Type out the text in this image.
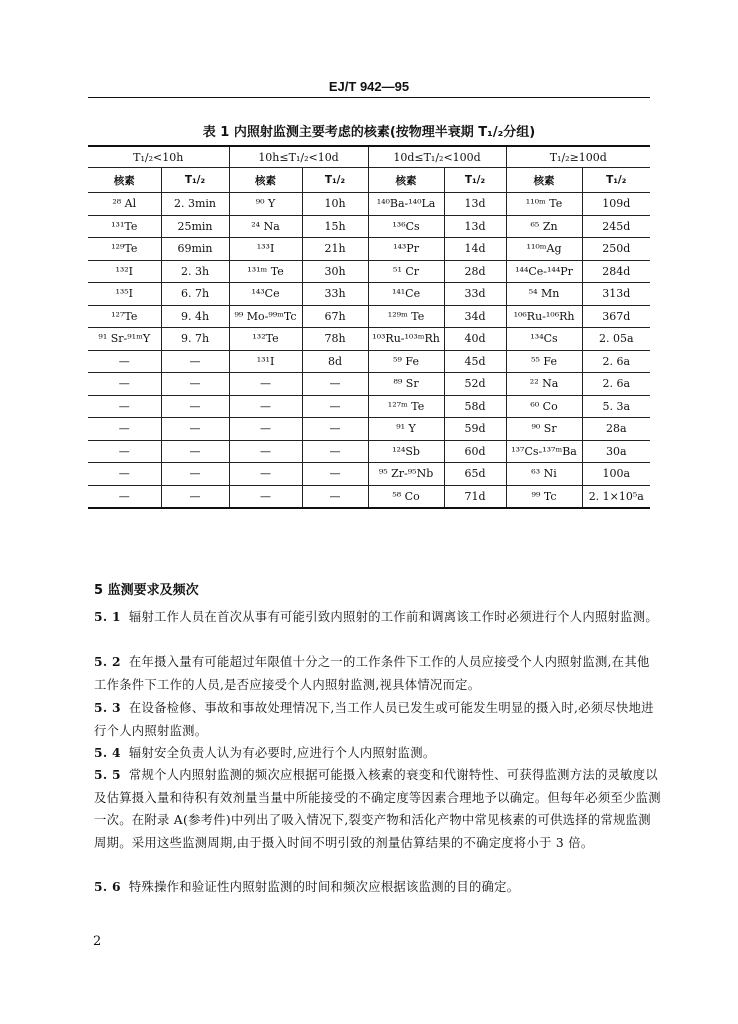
EJ/T 942—95
表 1 内照射监测主要考虑的核素(按物理半衰期 T₁/₂分组)
T₁/₂<10h		10h≤T₁/₂<10d		10d≤T₁/₂<100d		T₁/₂≥100d	
核素	T₁/₂	核素	T₁/₂	核素	T₁/₂	核素	T₁/₂
²⁸ Al	2. 3min	⁹⁰ Y	10h	¹⁴⁰Ba-¹⁴⁰La	13d	¹¹⁰ᵐ Te	109d
¹³¹Te	25min	²⁴ Na	15h	¹³⁶Cs	13d	⁶⁵ Zn	245d
¹²⁹Te	69min	¹³³I	21h	¹⁴³Pr	14d	¹¹⁰ᵐAg	250d
¹³²I	2. 3h	¹³¹ᵐ Te	30h	⁵¹ Cr	28d	¹⁴⁴Ce-¹⁴⁴Pr	284d
¹³⁵I	6. 7h	¹⁴³Ce	33h	¹⁴¹Ce	33d	⁵⁴ Mn	313d
¹²⁷Te	9. 4h	⁹⁹ Mo-⁹⁹ᵐTc	67h	¹²⁹ᵐ Te	34d	¹⁰⁶Ru-¹⁰⁶Rh	367d
⁹¹ Sr-⁹¹ᵐY	9. 7h	¹³²Te	78h	¹⁰³Ru-¹⁰³ᵐRh	40d	¹³⁴Cs	2. 05a
—	—	¹³¹I	8d	⁵⁹ Fe	45d	⁵⁵ Fe	2. 6a
—	—	—	—	⁸⁹ Sr	52d	²² Na	2. 6a
—	—	—	—	¹²⁷ᵐ Te	58d	⁶⁰ Co	5. 3a
—	—	—	—	⁹¹ Y	59d	⁹⁰ Sr	28a
—	—	—	—	¹²⁴Sb	60d	¹³⁷Cs-¹³⁷ᵐBa	30a
—	—	—	—	⁹⁵ Zr-⁹⁵Nb	65d	⁶³ Ni	100a
—	—	—	—	⁵⁸ Co	71d	⁹⁹ Tc	2. 1×10⁵a
5 监测要求及频次
5. 1 辐射工作人员在首次从事有可能引致内照射的工作前和调离该工作时必须进行个人内照射监测。
5. 2 在年摄入量有可能超过年限值十分之一的工作条件下工作的人员应接受个人内照射监测,在其他工作条件下工作的人员,是否应接受个人内照射监测,视具体情况而定。
5. 3 在设备检修、事故和事故处理情况下,当工作人员已发生或可能发生明显的摄入时,必须尽快地进行个人内照射监测。
5. 4 辐射安全负责人认为有必要时,应进行个人内照射监测。
5. 5 常规个人内照射监测的频次应根据可能摄入核素的衰变和代谢特性、可获得监测方法的灵敏度以及估算摄入量和待积有效剂量当量中所能接受的不确定度等因素合理地予以确定。但每年必须至少监测一次。在附录 A(参考件)中列出了吸入情况下,裂变产物和活化产物中常见核素的可供选择的常规监测周期。采用这些监测周期,由于摄入时间不明引致的剂量估算结果的不确定度将小于 3 倍。
5. 6 特殊操作和验证性内照射监测的时间和频次应根据该监测的目的确定。
2
